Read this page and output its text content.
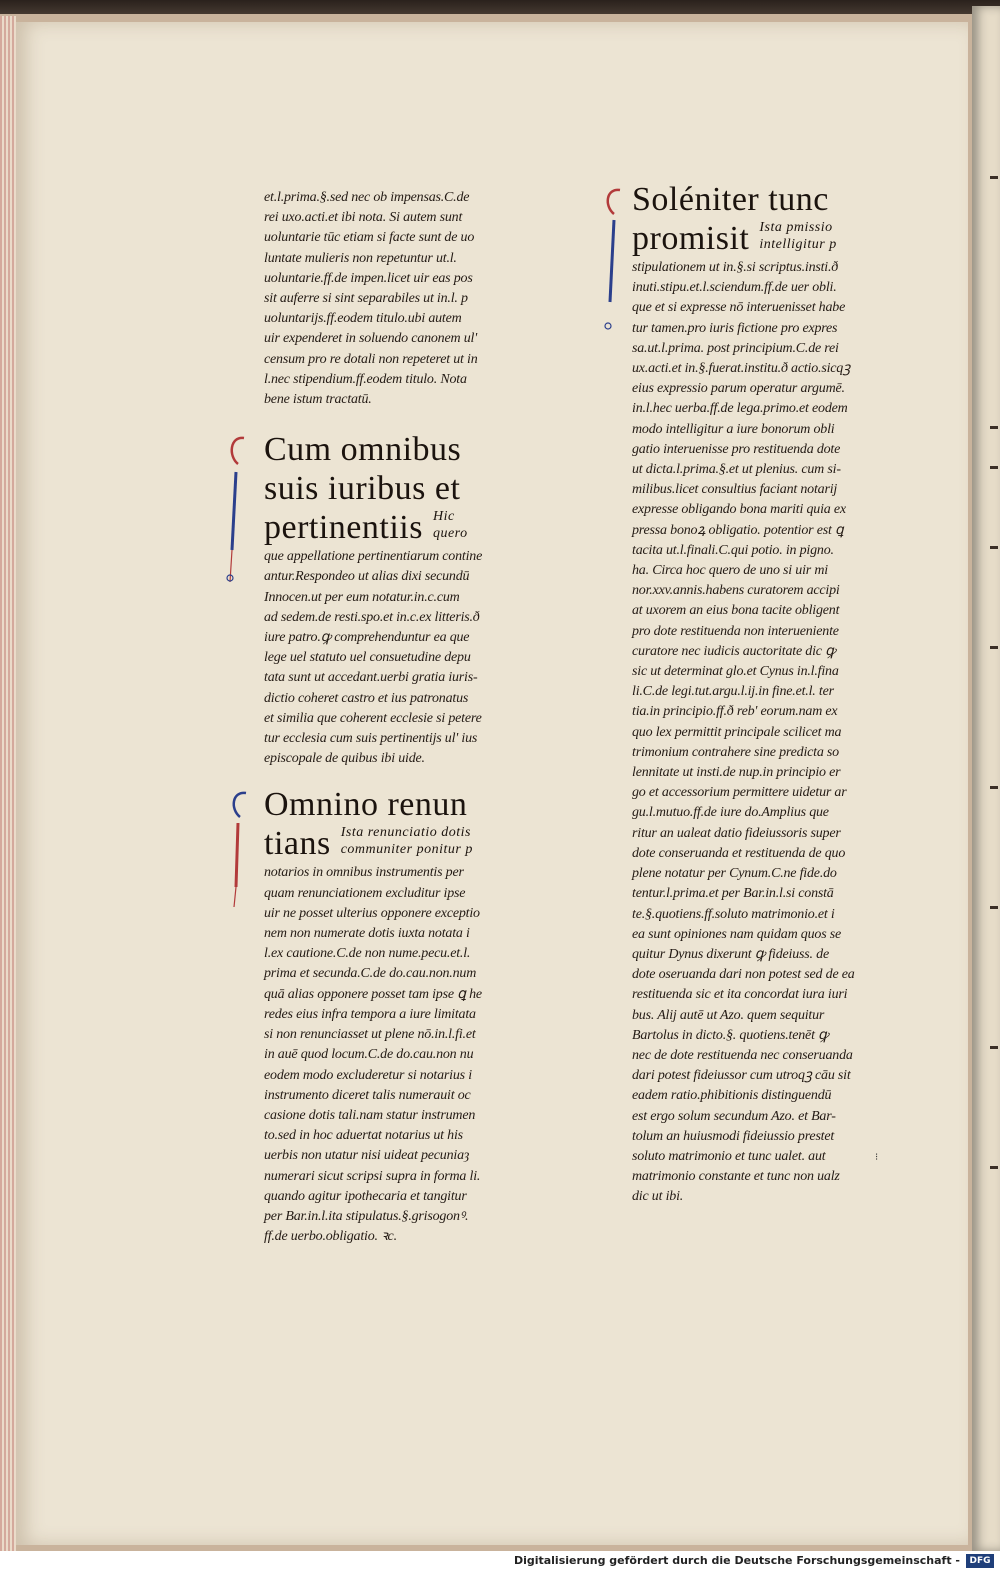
et.l.prima.§.sed nec ob impensas.C.de
rei uxo.acti.et ibi nota. Si autem sunt
uoluntarie tūc etiam si facte sunt de uo
luntate mulieris non repetuntur ut.l.
uoluntarie.ff.de impen.licet uir eas pos
sit auferre si sint separabiles ut in.l. p
uoluntarijs.ff.eodem titulo.ubi autem
uir expenderet in soluendo canonem ul'
censum pro re dotali non repeteret ut in
l.nec stipendium.ff.eodem titulo. Nota
bene istum tractatū.
Cum omnibus
suis iuribus et
pertinentiis Hic
quero
que appellatione pertinentiarum contine
antur.Respondeo ut alias dixi secundū
Innocen.ut per eum notatur.in.c.cum
ad sedem.de resti.spo.et in.c.ex litteris.ð
iure patro.ꝙ comprehenduntur ea que
lege uel statuto uel consuetudine depu
tata sunt ut accedant.uerbi gratia iuris-
dictio coheret castro et ius patronatus
et similia que coherent ecclesie si petere
tur ecclesia cum suis pertinentijs ul' ius
episcopale de quibus ibi uide.
Omnino renun
tians Ista renunciatio dotis
communiter ponitur p
notarios in omnibus instrumentis per
quam renunciationem excluditur ipse
uir ne posset ulterius opponere exceptio
nem non numerate dotis iuxta notata i
l.ex cautione.C.de non nume.pecu.et.l.
prima et secunda.C.de do.cau.non.num
quā alias opponere posset tam ipse ꝗ he
redes eius infra tempora a iure limitata
si non renunciasset ut plene nō.in.l.fi.et
in auē quod locum.C.de do.cau.non nu
eodem modo excluderetur si notarius i
instrumento diceret talis numerauit oc
casione dotis tali.nam statur instrumen
to.sed in hoc aduertat notarius ut his
uerbis non utatur nisi uideat pecuniaȝ
numerari sicut scripsi supra in forma li.
quando agitur ipothecaria et tangitur
per Bar.in.l.ita stipulatus.§.grisogonꝰ.
ff.de uerbo.obligatio. ꝛc.
Soléniter tunc
promisit Ista pmissio
intelligitur p
stipulationem ut in.§.si scriptus.insti.ð
inuti.stipu.et.l.sciendum.ff.de uer obli.
que et si expresse nō interuenisset habe
tur tamen.pro iuris fictione pro expres
sa.ut.l.prima. post principium.C.de rei
ux.acti.et in.§.fuerat.institu.ð actio.sicqꝫ
eius expressio parum operatur argumē.
in.l.hec uerba.ff.de lega.primo.et eodem
modo intelligitur a iure bonorum obli
gatio interuenisse pro restituenda dote
ut dicta.l.prima.§.et ut plenius. cum si-
milibus.licet consultius faciant notarij
expresse obligando bona mariti quia ex
pressa bonoꝝ obligatio. potentior est ꝗ
tacita ut.l.finali.C.qui potio. in pigno.
ha. Circa hoc quero de uno si uir mi
nor.xxv.annis.habens curatorem accipi
at uxorem an eius bona tacite obligent
pro dote restituenda non interueniente
curatore nec iudicis auctoritate dic ꝙ
sic ut determinat glo.et Cynus in.l.fina
li.C.de legi.tut.argu.l.ij.in fine.et.l. ter
tia.in principio.ff.ð reb' eorum.nam ex
quo lex permittit principale scilicet ma
trimonium contrahere sine predicta so
lennitate ut insti.de nup.in principio er
go et accessorium permittere uidetur ar
gu.l.mutuo.ff.de iure do.Amplius que
ritur an ualeat datio fideiussoris super
dote conseruanda et restituenda de quo
plene notatur per Cynum.C.ne fide.do
tentur.l.prima.et per Bar.in.l.si constā
te.§.quotiens.ff.soluto matrimonio.et i
ea sunt opiniones nam quidam quos se
quitur Dynus dixerunt ꝙ fideiuss. de
dote oseruanda dari non potest sed de ea
restituenda sic et ita concordat iura iuri
bus. Alij autē ut Azo. quem sequitur
Bartolus in dicto.§. quotiens.tenēt ꝙ
nec de dote restituenda nec conseruanda
dari potest fideiussor cum utroqꝫ cāu sit
eadem ratio.phibitionis distinguendū
est ergo solum secundum Azo. et Bar-
tolum an huiusmodi fideiussio prestet
soluto matrimonio et tunc ualet. aut
matrimonio constante et tunc non ualz
dic ut ibi.
⁝
Digitalisierung gefördert durch die Deutsche Forschungsgemeinschaft -	DFG
